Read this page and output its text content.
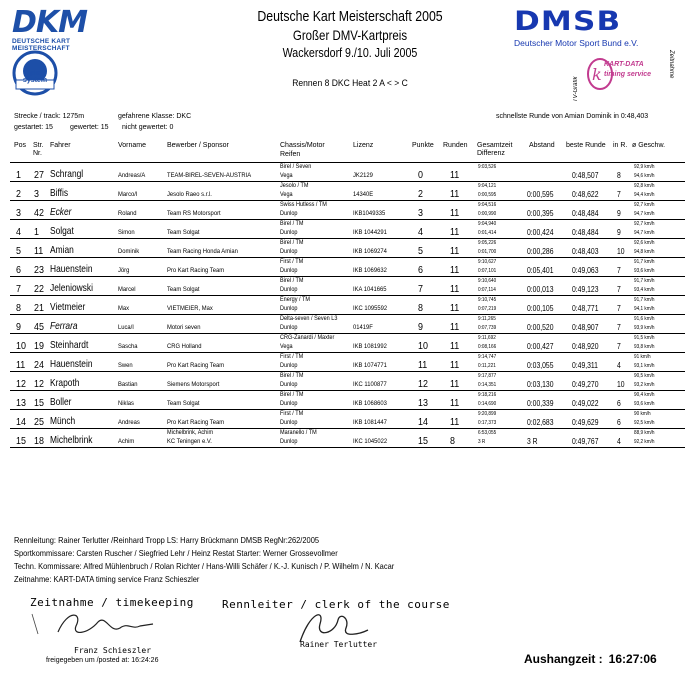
DKM
DEUTSCHE KART MEISTERSCHAFT
pio system
Deutsche Kart Meisterschaft 2005
Großer DMV-Kartpreis
Wackersdorf 9./10. Juli 2005
Rennen 8 DKC Heat 2 A < > C
DMSB
Deutscher Motor Sport Bund e.V.
TV-Grafik
k
KART-DATA timing service	Zeitnahme
Strecke / track: 1275m	gefahrene Klasse: DKC	schnellste Runde von Amian Dominik in 0:48,403
gestartet: 15 gewertet: 15 nicht gewertet: 0
Pos Str.
Nr.
Fahrer	Vorname	Bewerber / Sponsor	Chassis/Motor
Reifen
Lizenz	Punkte Runden Gesamtzeit
Differenz
Abstand beste Runde in R. ø Geschw.
1 27 Schrangl	Andreas/A	TEAM-BIREL-SEVEN-AUSTRIA
Birel / Seven
Vega	JK2129	0	11
9:03,526
0:48,507 8
92,9 km/h
94,6 km/h
2 3 Biffis	Marco/I	Jesolo Raeo s.r.l.
Jesolo / TM
Vega	14340E	2	11
9:04,121
0:00,595	0:00,595 0:48,622 7
92,8 km/h
94,4 km/h
3 42 Ecker	Roland	Team RS Motorsport
Swiss Hutless / TM
Dunlop	IKB1049335	3	11
9:04,516
0:00,990	0:00,395 0:48,484 9
92,7 km/h
94,7 km/h
4 1 Solgat	Simon	Team Solgat
Birel / TM
Dunlop	IKB 1044291	4	11
9:04,940
0:01,414	0:00,424 0:48,484 9
92,7 km/h
94,7 km/h
5 11 Amian	Dominik	Team Racing Honda Amian
Birel / TM
Dunlop	IKB 1069274	5	11
9:05,226
0:01,700	0:00,286 0:48,403 10
92,6 km/h
94,8 km/h
6 23 Hauenstein	Jörg	Pro Kart Racing Team
First / TM
Dunlop	IKB 1069632	6	11
9:10,627
0:07,101	0:05,401 0:49,063 7
91,7 km/h
93,6 km/h
7 22 Jeleniowski	Marcel	Team Solgat
Birel / TM
Dunlop	IKA 1041665	7	11
9:10,640
0:07,114	0:00,013 0:49,123 7
91,7 km/h
93,4 km/h
8 21 Vietmeier	Max	VIETMEIER, Max
Energy / TM
Dunlop	IKC 1095592	8	11
9:10,745
0:07,219	0:00,105 0:48,771 7
91,7 km/h
94,1 km/h
9 45 Ferrara	Luca/I	Motori seven
Delta-seven / Seven L3
Dunlop	01419F	9	11
9:11,265
0:07,739	0:00,520 0:48,907 7
91,6 km/h
93,9 km/h
10 19 Steinhardt	Sascha	CRG Holland
CRG-Zanardi / Maxter
Vega	IKB 1081992	10 11
9:11,692
0:08,166	0:00,427 0:48,920 7
91,5 km/h
93,8 km/h
11 24 Hauenstein	Swen	Pro Kart Racing Team
First / TM
Dunlop	IKB 1074771	11 11
9:14,747
0:11,221	0:03,055 0:49,311 4
91 km/h
93,1 km/h
12 12 Krapoth	Bastian	Siemens Motorsport
Birel / TM
Dunlop	IKC 1100877	12 11
9:17,877
0:14,351	0:03,130 0:49,270 10
90,5 km/h
93,2 km/h
13 15 Boller	Niklas	Team Solgat
Birel / TM
Dunlop	IKB 1068603	13 11
9:18,216
0:14,690	0:00,339 0:49,022 6
90,4 km/h
93,6 km/h
14 25 Münch	Andreas	Pro Kart Racing Team
First / TM
Dunlop	IKB 1081447	14 11
9:20,899
0:17,373	0:02,683 0:49,629 6
90 km/h
92,5 km/h
15 18 Michelbrink	Achim
Michelbrink, Achim
KC Teningen e.V.
Maranello / TM
Dunlop	IKC 1045022	15 8
6:53,055
3 R	3 R	0:49,767 4
88,9 km/h
92,2 km/h
Rennleitung: Rainer Terlutter /Reinhard Tropp LS: Harry Brückmann DMSB RegNr:262/2005
Sportkommissare: Carsten Ruscher / Siegfried Lehr / Heinz Restat Starter: Werner Grossevollmer
Techn. Kommissare: Alfred Mühlenbruch / Rolan Richter / Hans-Willi Schäfer / K.-J. Kunisch / P. Wilhelm / N. Kacar
Zeitnahme: KART-DATA timing service Franz Schieszler
Zeitnahme / timekeeping	Rennleiter / clerk of the course
Franz Schieszler
Rainer Terlutter
freigegeben um /posted at: 16:24:26	Aushangzeit : 16:27:06
